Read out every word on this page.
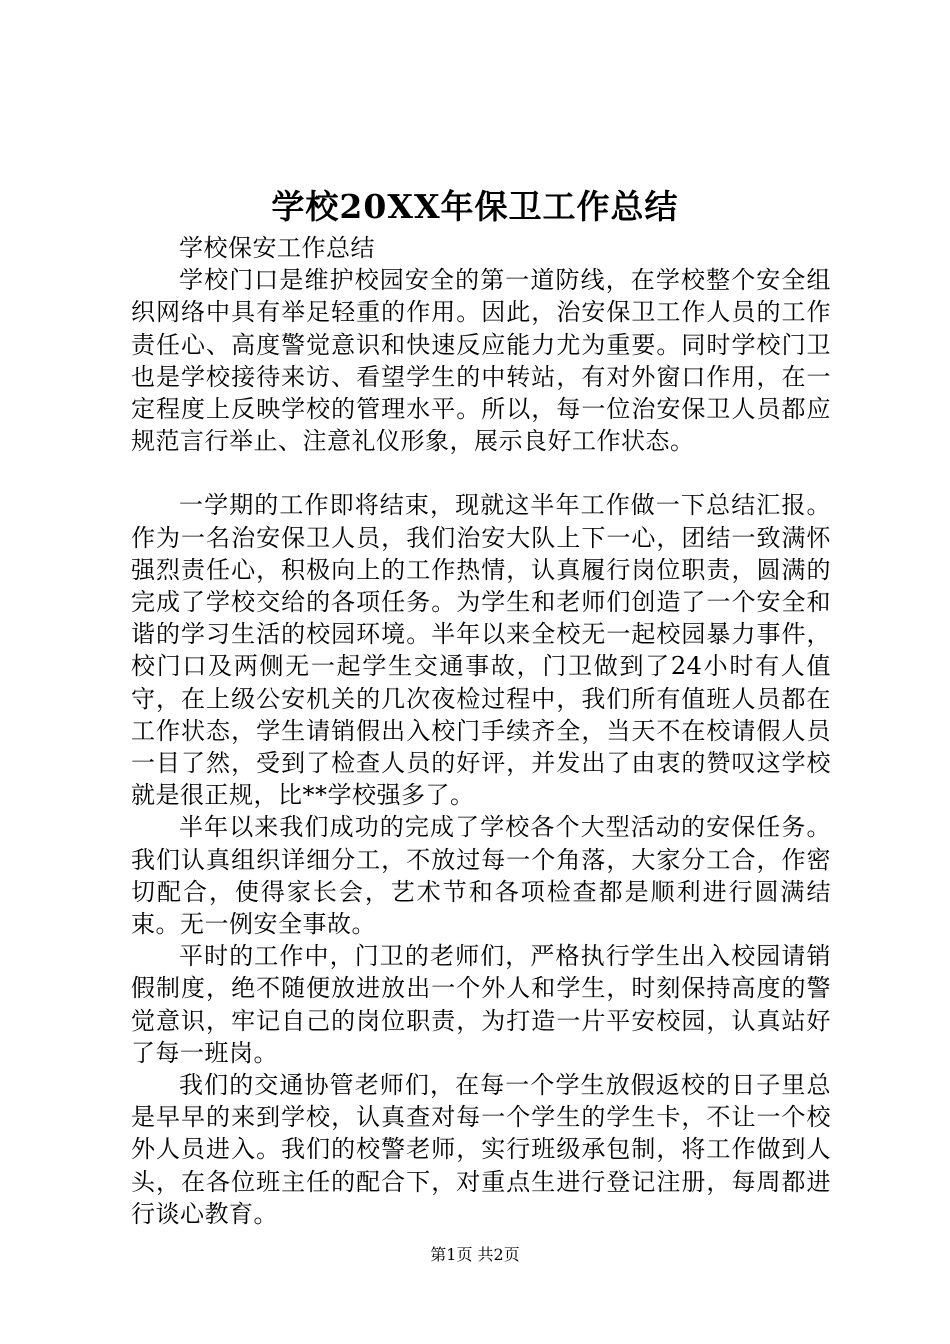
学校20XX年保卫工作总结

学校保安工作总结

学校门口是维护校园安全的第一道防线，在学校整个安全组织网络中具有举足轻重的作用。因此，治安保卫工作人员的工作责任心、高度警觉意识和快速反应能力尤为重要。同时学校门卫也是学校接待来访、看望学生的中转站，有对外窗口作用，在一定程度上反映学校的管理水平。所以，每一位治安保卫人员都应规范言行举止、注意礼仪形象，展示良好工作状态。

一学期的工作即将结束，现就这半年工作做一下总结汇报。作为一名治安保卫人员，我们治安大队上下一心，团结一致满怀强烈责任心，积极向上的工作热情，认真履行岗位职责，圆满的完成了学校交给的各项任务。为学生和老师们创造了一个安全和谐的学习生活的校园环境。半年以来全校无一起校园暴力事件，校门口及两侧无一起学生交通事故，门卫做到了24小时有人值守，在上级公安机关的几次夜检过程中，我们所有值班人员都在工作状态，学生请销假出入校门手续齐全，当天不在校请假人员一目了然，受到了检查人员的好评，并发出了由衷的赞叹这学校就是很正规，比**学校强多了。

半年以来我们成功的完成了学校各个大型活动的安保任务。我们认真组织详细分工，不放过每一个角落，大家分工合，作密切配合，使得家长会，艺术节和各项检查都是顺利进行圆满结束。无一例安全事故。

平时的工作中，门卫的老师们，严格执行学生出入校园请销假制度，绝不随便放进放出一个外人和学生，时刻保持高度的警觉意识，牢记自己的岗位职责，为打造一片平安校园，认真站好了每一班岗。

我们的交通协管老师们，在每一个学生放假返校的日子里总是早早的来到学校，认真查对每一个学生的学生卡，不让一个校外人员进入。我们的校警老师，实行班级承包制，将工作做到人头，在各位班主任的配合下，对重点生进行登记注册，每周都进行谈心教育。

第1页 共2页
